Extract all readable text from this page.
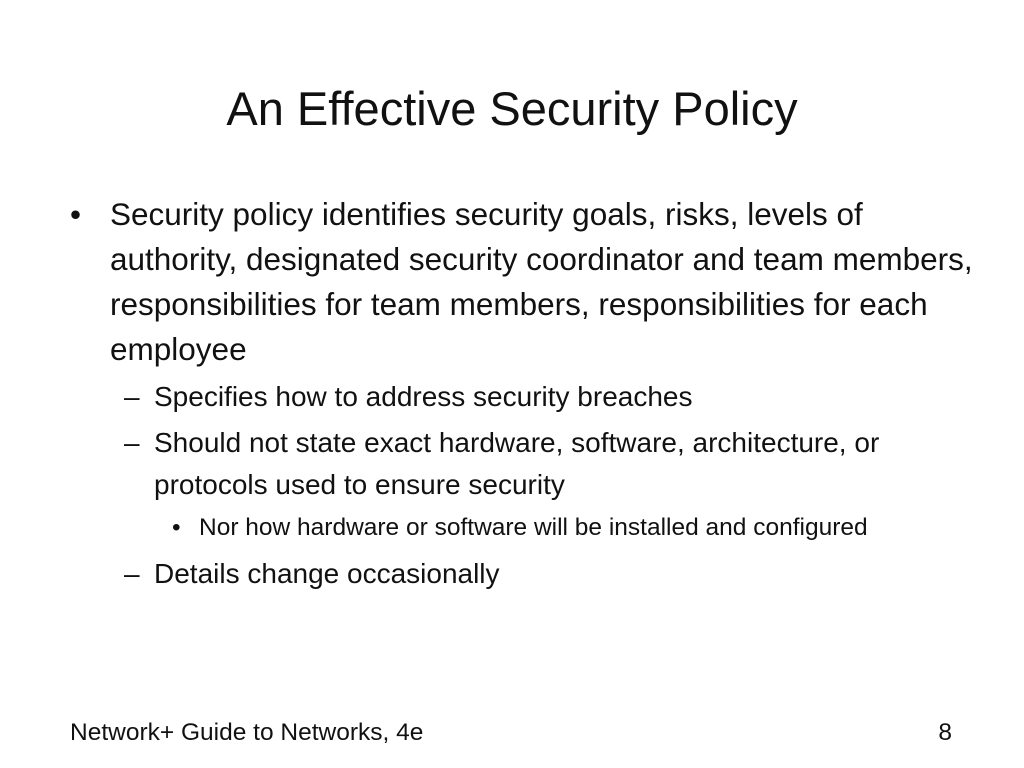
An Effective Security Policy
• Security policy identifies security goals, risks, levels of authority, designated security coordinator and team members, responsibilities for team members, responsibilities for each employee
– Specifies how to address security breaches
– Should not state exact hardware, software, architecture, or protocols used to ensure security
• Nor how hardware or software will be installed and configured
– Details change occasionally
Network+ Guide to Networks, 4e	8
